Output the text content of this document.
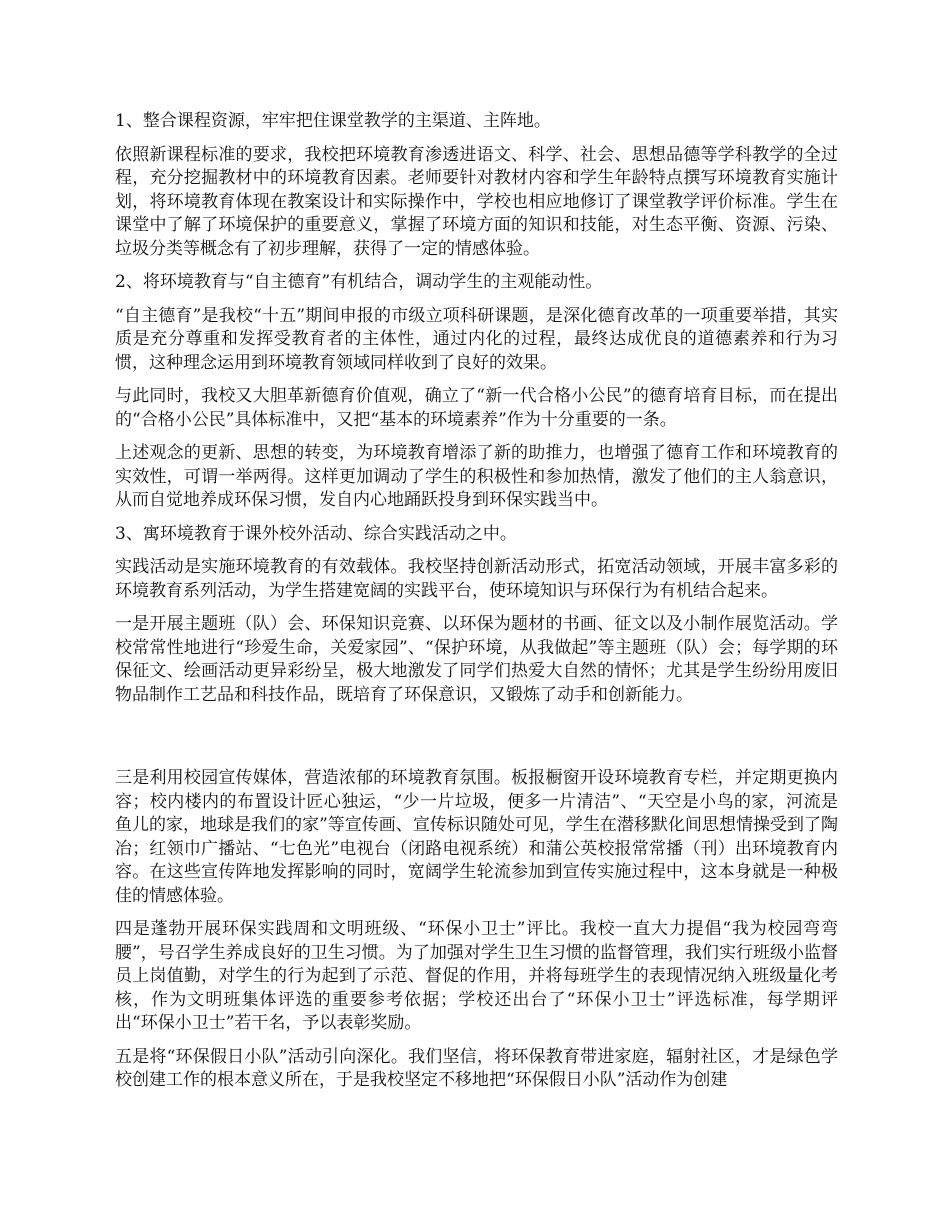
1、整合课程资源，牢牢把住课堂教学的主渠道、主阵地。

依照新课程标准的要求，我校把环境教育渗透进语文、科学、社会、思想品德等学科教学的全过程，充分挖掘教材中的环境教育因素。老师要针对教材内容和学生年龄特点撰写环境教育实施计划，将环境教育体现在教案设计和实际操作中，学校也相应地修订了课堂教学评价标准。学生在课堂中了解了环境保护的重要意义，掌握了环境方面的知识和技能，对生态平衡、资源、污染、垃圾分类等概念有了初步理解，获得了一定的情感体验。

2、将环境教育与“自主德育”有机结合，调动学生的主观能动性。

“自主德育”是我校“十五”期间申报的市级立项科研课题，是深化德育改革的一项重要举措，其实质是充分尊重和发挥受教育者的主体性，通过内化的过程，最终达成优良的道德素养和行为习惯，这种理念运用到环境教育领域同样收到了良好的效果。

与此同时，我校又大胆革新德育价值观，确立了“新一代合格小公民”的德育培育目标，而在提出的“合格小公民”具体标准中，又把“基本的环境素养”作为十分重要的一条。

上述观念的更新、思想的转变，为环境教育增添了新的助推力，也增强了德育工作和环境教育的实效性，可谓一举两得。这样更加调动了学生的积极性和参加热情，激发了他们的主人翁意识，从而自觉地养成环保习惯，发自内心地踊跃投身到环保实践当中。

3、寓环境教育于课外校外活动、综合实践活动之中。

实践活动是实施环境教育的有效载体。我校坚持创新活动形式，拓宽活动领域，开展丰富多彩的环境教育系列活动，为学生搭建宽阔的实践平台，使环境知识与环保行为有机结合起来。

一是开展主题班（队）会、环保知识竞赛、以环保为题材的书画、征文以及小制作展览活动。学校常常性地进行“珍爱生命，关爱家园”、“保护环境，从我做起”等主题班（队）会；每学期的环保征文、绘画活动更异彩纷呈，极大地激发了同学们热爱大自然的情怀；尤其是学生纷纷用废旧物品制作工艺品和科技作品，既培育了环保意识，又锻炼了动手和创新能力。

三是利用校园宣传媒体，营造浓郁的环境教育氛围。板报橱窗开设环境教育专栏，并定期更换内容；校内楼内的布置设计匠心独运，“少一片垃圾，便多一片清洁”、“天空是小鸟的家，河流是鱼儿的家，地球是我们的家”等宣传画、宣传标识随处可见，学生在潜移默化间思想情操受到了陶冶；红领巾广播站、“七色光”电视台（闭路电视系统）和蒲公英校报常常播（刊）出环境教育内容。在这些宣传阵地发挥影响的同时，宽阔学生轮流参加到宣传实施过程中，这本身就是一种极佳的情感体验。

四是蓬勃开展环保实践周和文明班级、“环保小卫士”评比。我校一直大力提倡“我为校园弯弯腰”，号召学生养成良好的卫生习惯。为了加强对学生卫生习惯的监督管理，我们实行班级小监督员上岗值勤，对学生的行为起到了示范、督促的作用，并将每班学生的表现情况纳入班级量化考核，作为文明班集体评选的重要参考依据；学校还出台了“环保小卫士”评选标准，每学期评出“环保小卫士”若干名，予以表彰奖励。

五是将“环保假日小队”活动引向深化。我们坚信，将环保教育带进家庭，辐射社区，才是绿色学校创建工作的根本意义所在，于是我校坚定不移地把“环保假日小队”活动作为创建
